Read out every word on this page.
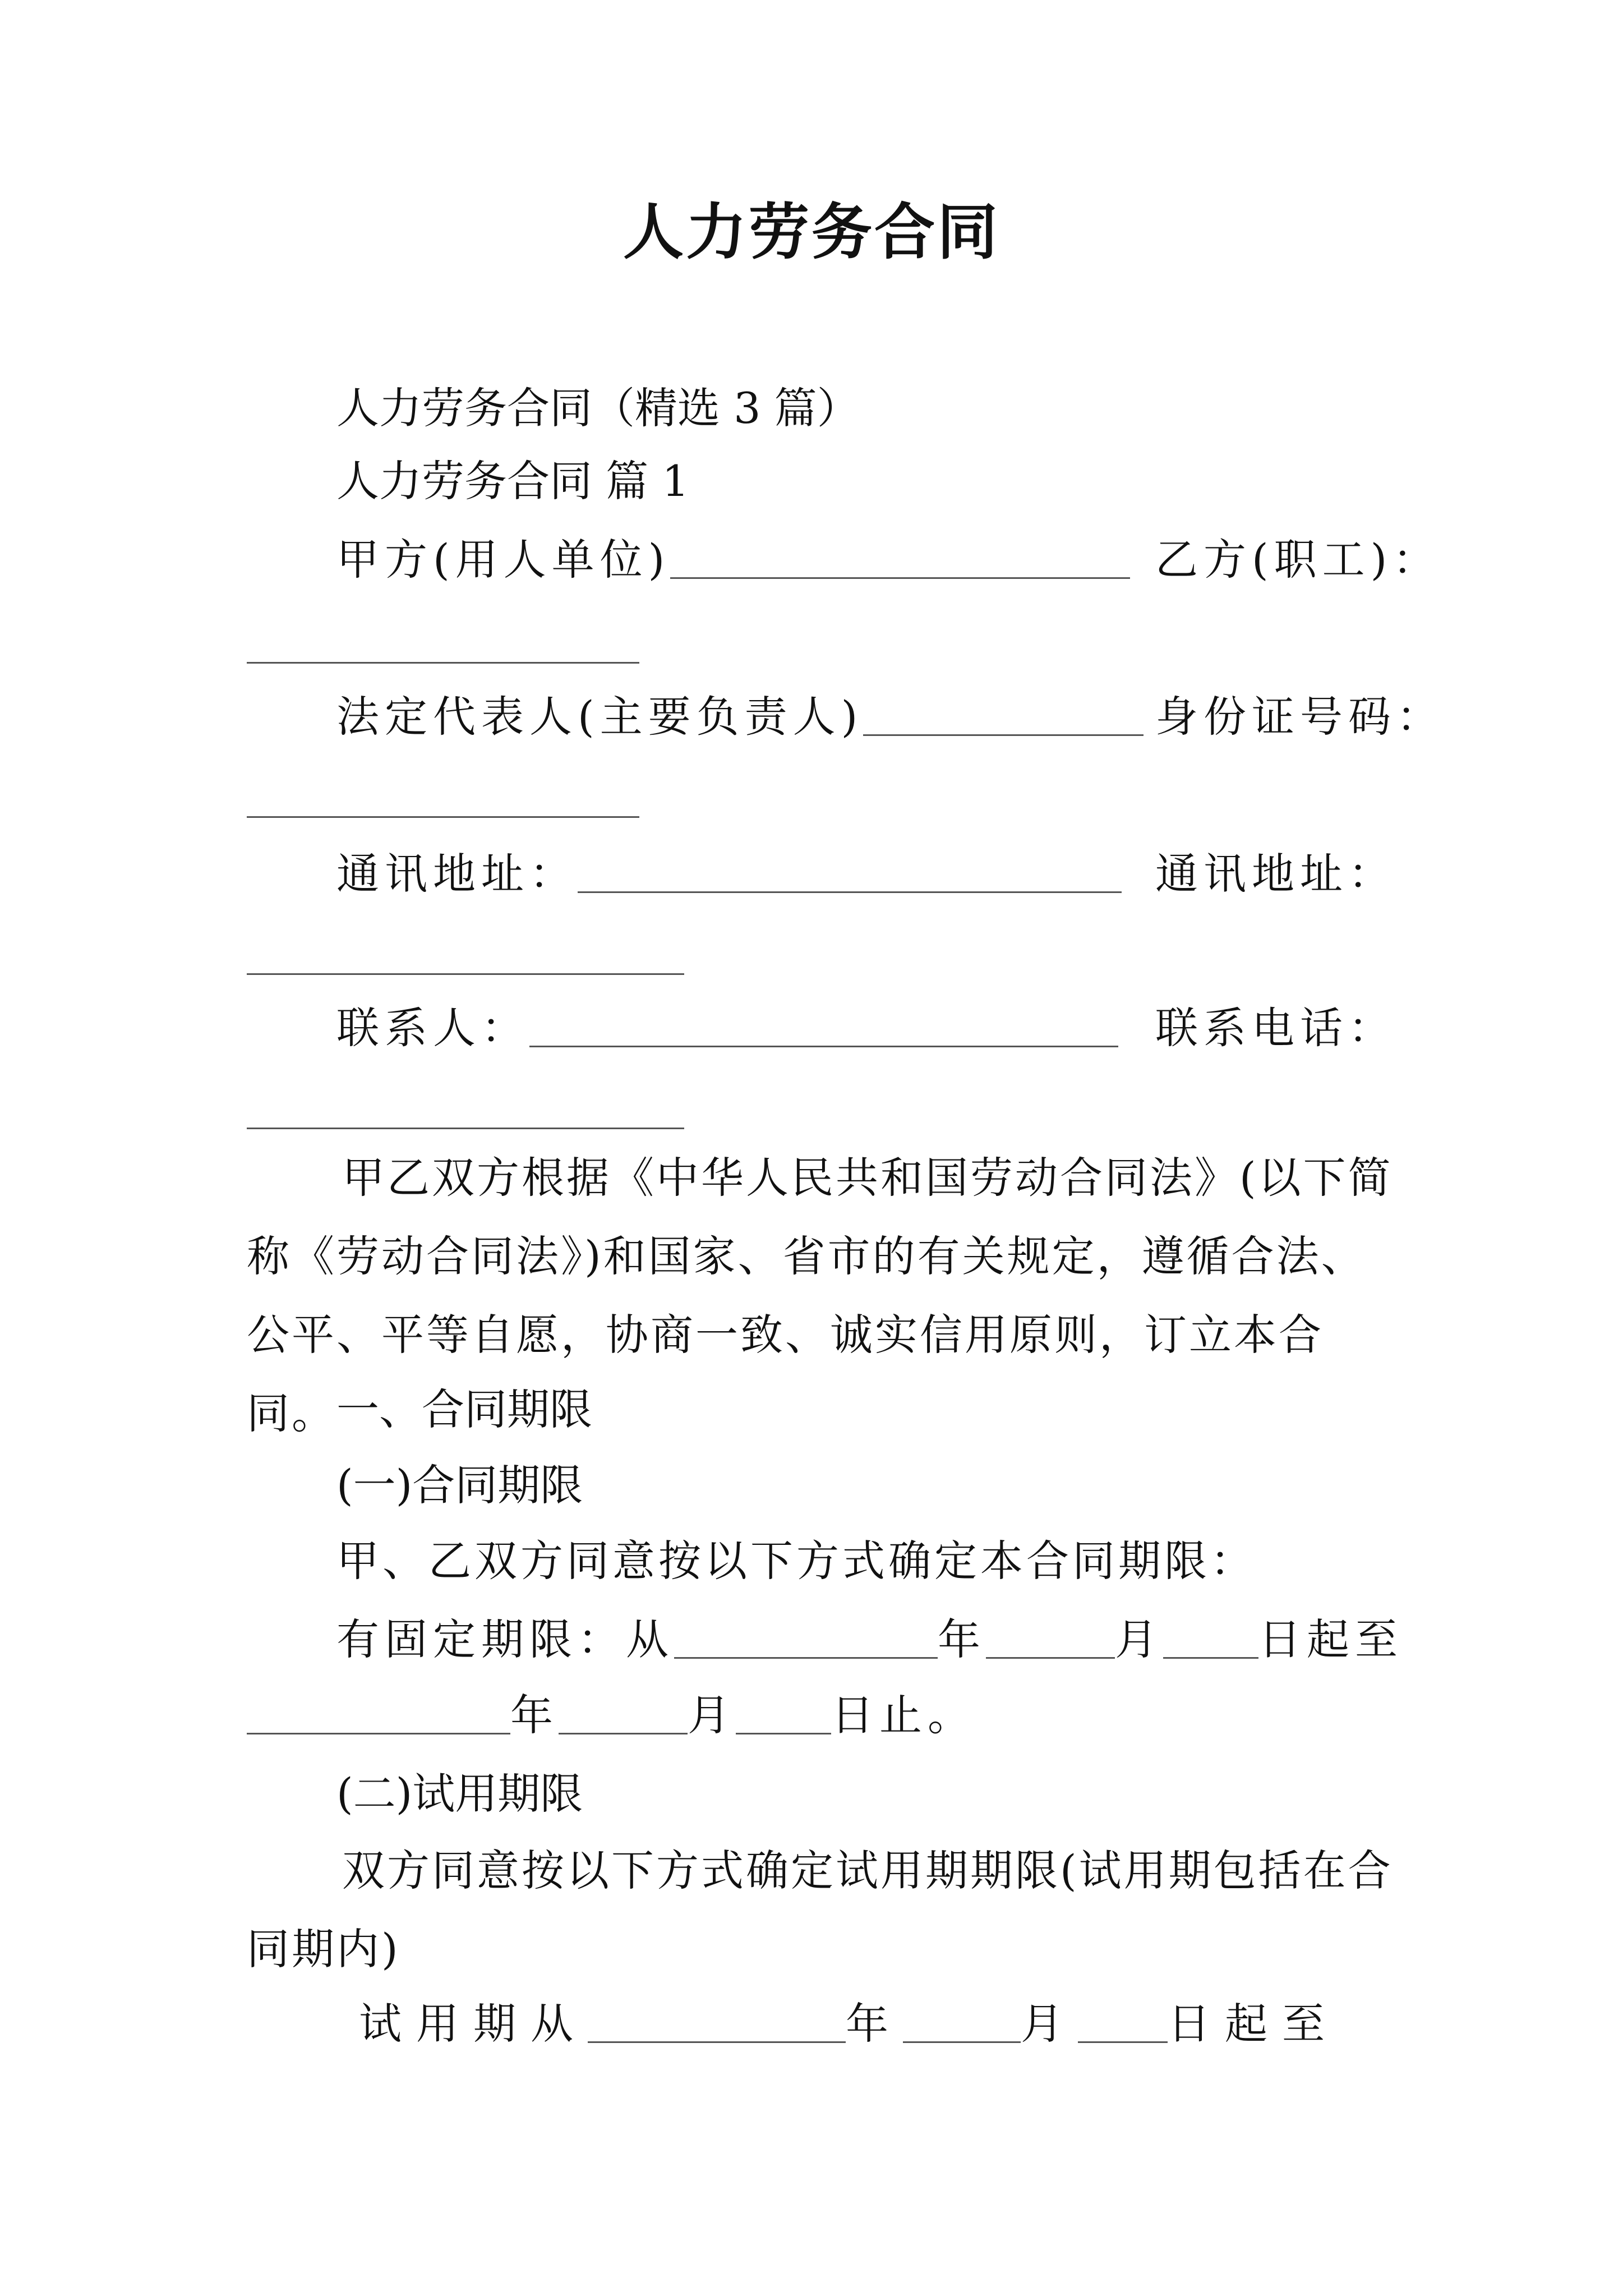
人力劳务合同
人力劳务合同（精选 3 篇）
人力劳务合同 篇 1
甲方(用人单位)	乙方(职工)：
法定代表人(主要负责人)	身份证号码：
通讯地址：	通讯地址：
联系人：	联系电话：
甲乙双方根据《中华人民共和国劳动合同法》(以下简称《劳动合同法》)和国家、省市的有关规定，遵循合法、公平、平等自愿，协商一致、诚实信用原则，订立本合同。 一、合同期限
(一)合同期限
甲、乙双方同意按以下方式确定本合同期限：
有固定期限：从	年	月 日起至
年	月 日止。
(二)试用期限
双方同意按以下方式确定试用期期限(试用期包括在合同期内)
试用期从	年	月 日起至
